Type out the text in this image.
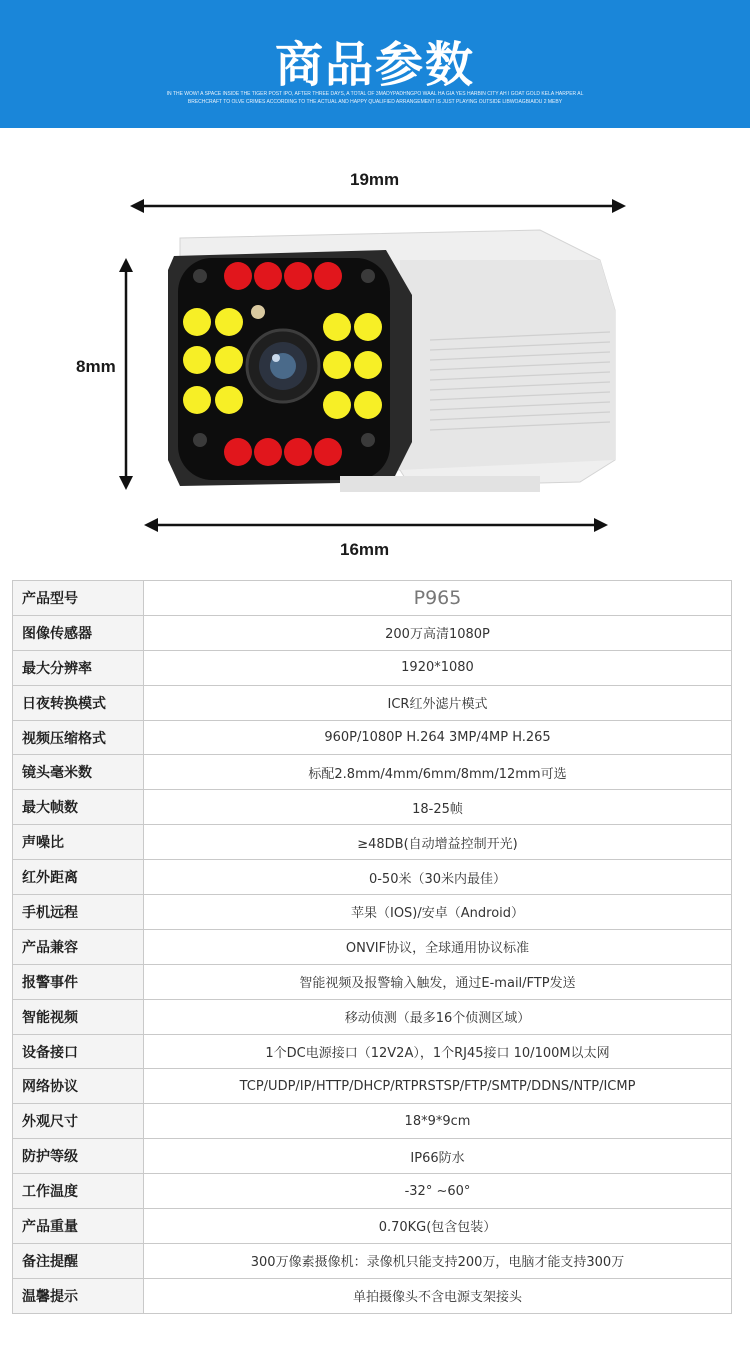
商品参数
IN THE WOW! A SPACE INSIDE THE TIGER POST IPO, AFTER THREE DAYS, A TOTAL OF 3MADYPADHNGPO WAAL HA GIA YES HARBIN CITY AH I GOAT GOLD KELA HARPER AL BRECHCRAFT TO OLVE CRIMES ACCORDING TO THE ACTUAL AND HAPPY QUALIFIED ARRANGEMENT IS JUST PLAYING OUTSIDE LIBWOAGBIAIDU 2 MEBY
19mm
8mm
16mm
产品型号	P965
图像传感器	200万高清1080P
最大分辨率	1920*1080
日夜转换模式	ICR红外滤片模式
视频压缩格式	960P/1080P H.264 3MP/4MP H.265
镜头毫米数	标配2.8mm/4mm/6mm/8mm/12mm可选
最大帧数	18-25帧
声噪比	≥48DB(自动增益控制开光)
红外距离	0-50米（30米内最佳）
手机远程	苹果（IOS)/安卓（Android）
产品兼容	ONVIF协议，全球通用协议标准
报警事件	智能视频及报警输入触发，通过E-mail/FTP发送
智能视频	移动侦测（最多16个侦测区域）
设备接口	1个DC电源接口（12V2A），1个RJ45接口 10/100M以太网
网络协议	TCP/UDP/IP/HTTP/DHCP/RTPRSTSP/FTP/SMTP/DDNS/NTP/ICMP
外观尺寸	18*9*9cm
防护等级	IP66防水
工作温度	-32° ~60°
产品重量	0.70KG(包含包装）
备注提醒	300万像素摄像机：录像机只能支持200万，电脑才能支持300万
温馨提示	单拍摄像头不含电源支架接头
